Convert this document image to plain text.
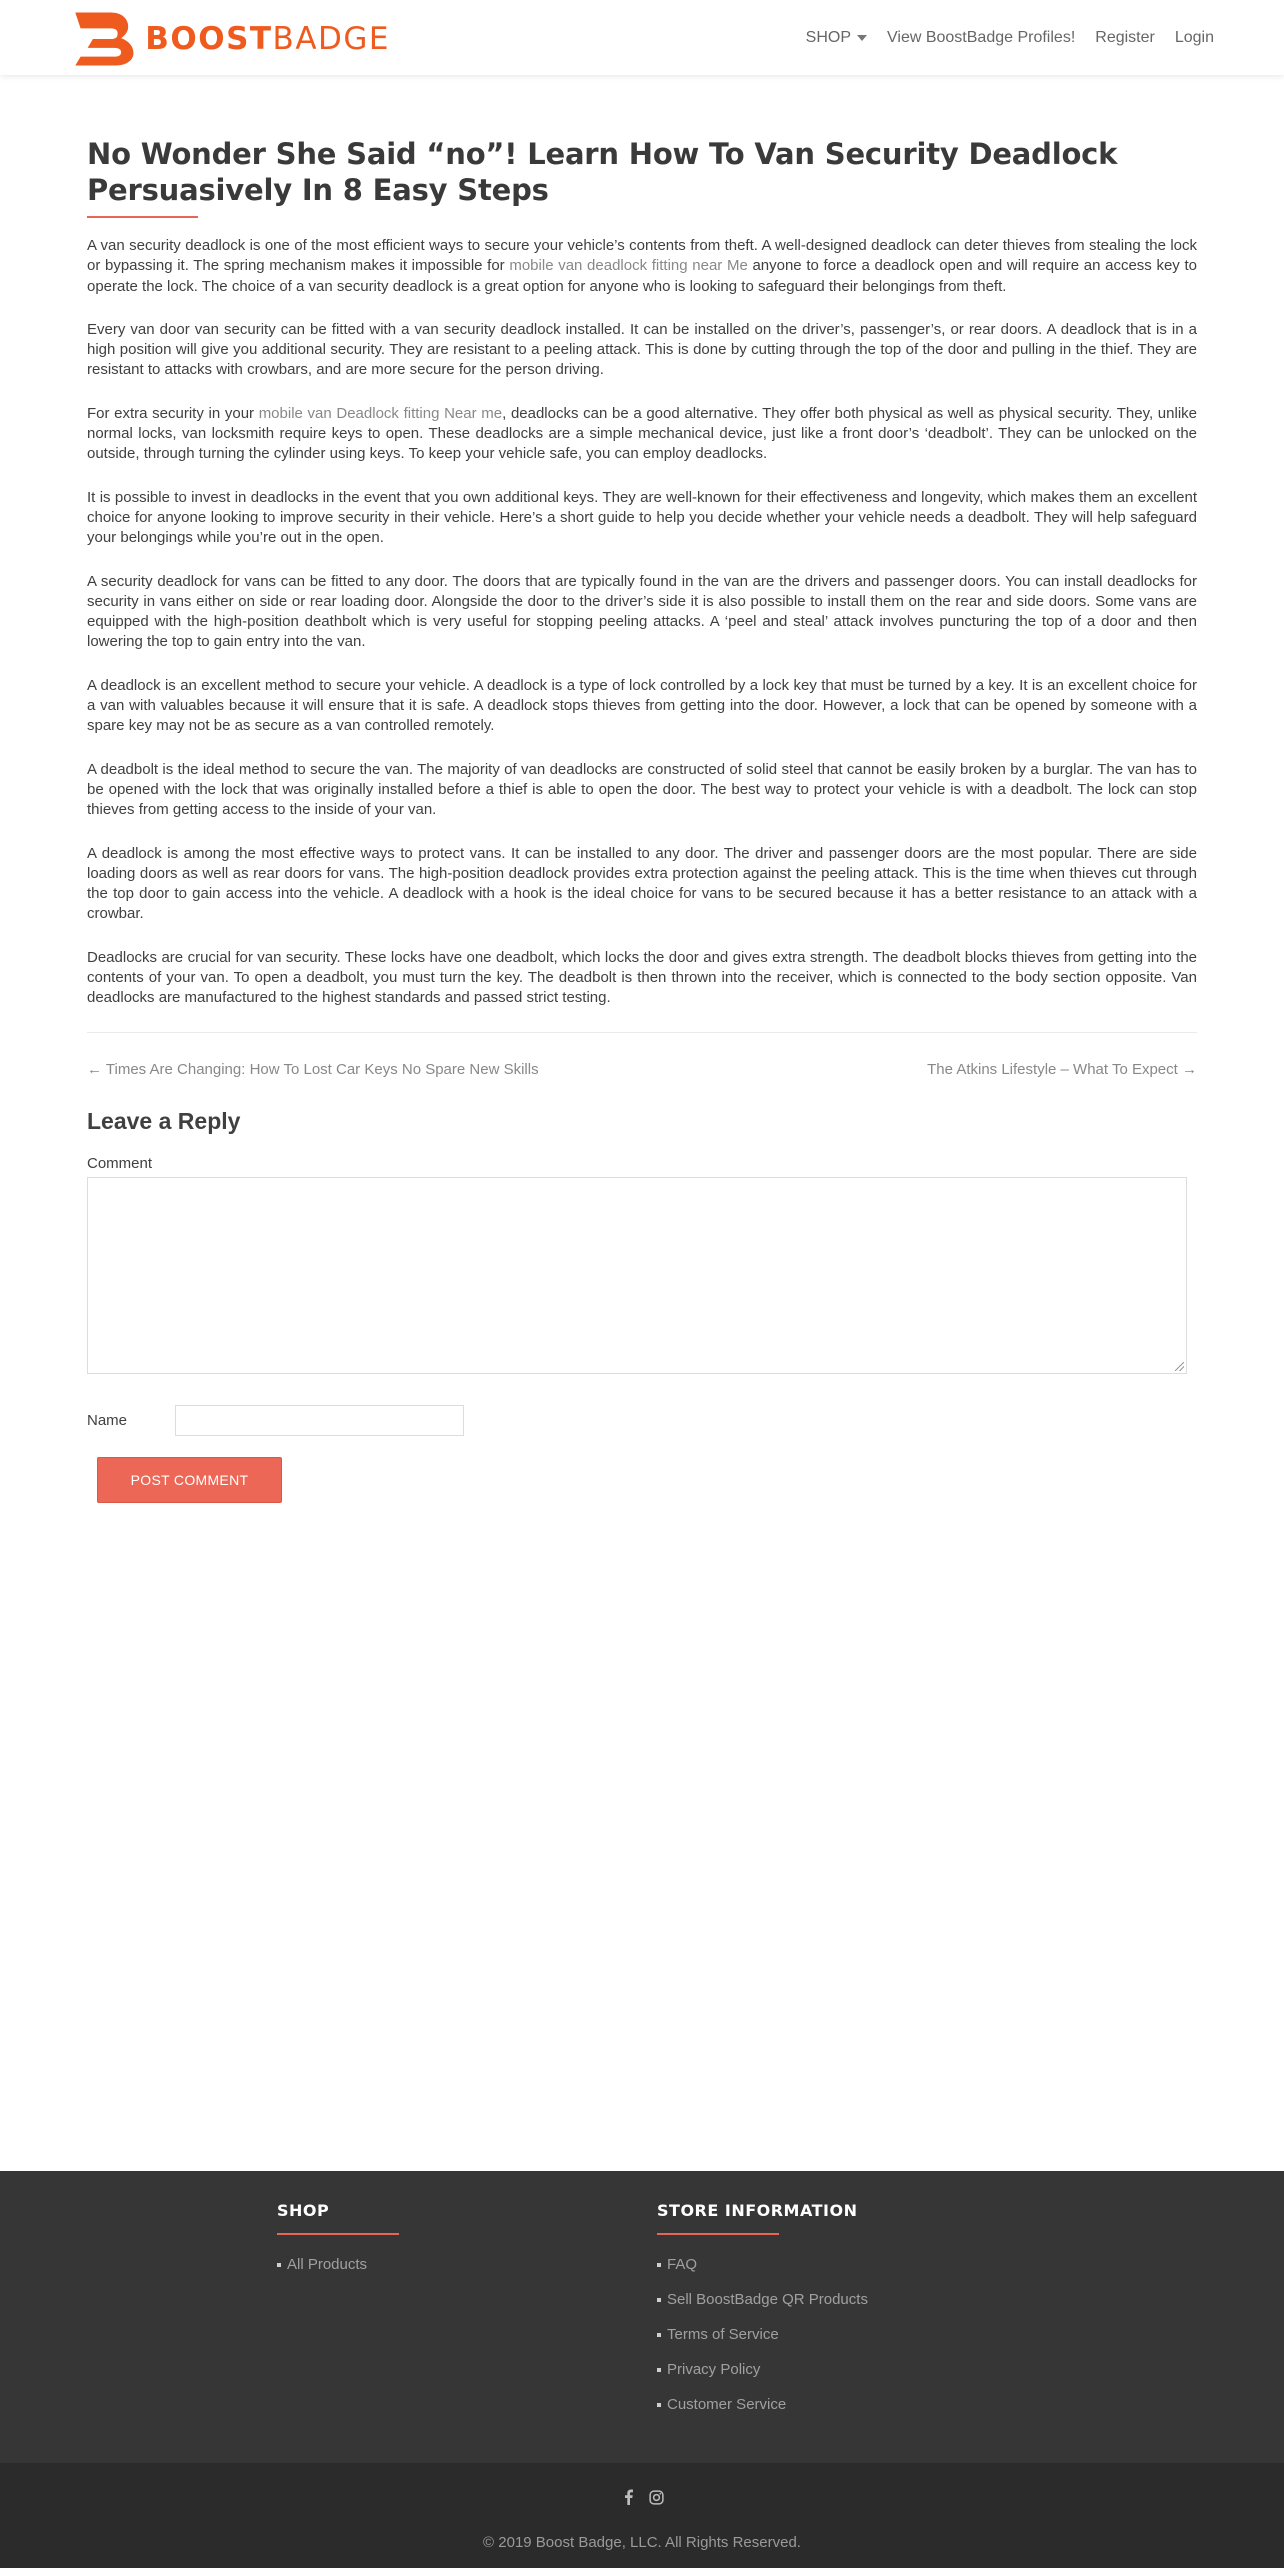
BOOSTBADGE	SHOP View BoostBadge Profiles! Register Login
No Wonder She Said “no”! Learn How To Van Security Deadlock Persuasively In 8 Easy Steps

A van security deadlock is one of the most efficient ways to secure your vehicle’s contents from theft. A well-designed deadlock can deter thieves from stealing the lock or bypassing it. The spring mechanism makes it impossible for mobile van deadlock fitting near Me anyone to force a deadlock open and will require an access key to operate the lock. The choice of a van security deadlock is a great option for anyone who is looking to safeguard their belongings from theft.

Every van door van security can be fitted with a van security deadlock installed. It can be installed on the driver’s, passenger’s, or rear doors. A deadlock that is in a high position will give you additional security. They are resistant to a peeling attack. This is done by cutting through the top of the door and pulling in the thief. They are resistant to attacks with crowbars, and are more secure for the person driving.

For extra security in your mobile van Deadlock fitting Near me, deadlocks can be a good alternative. They offer both physical as well as physical security. They, unlike normal locks, van locksmith require keys to open. These deadlocks are a simple mechanical device, just like a front door’s ‘deadbolt’. They can be unlocked on the outside, through turning the cylinder using keys. To keep your vehicle safe, you can employ deadlocks.

It is possible to invest in deadlocks in the event that you own additional keys. They are well-known for their effectiveness and longevity, which makes them an excellent choice for anyone looking to improve security in their vehicle. Here’s a short guide to help you decide whether your vehicle needs a deadbolt. They will help safeguard your belongings while you’re out in the open.

A security deadlock for vans can be fitted to any door. The doors that are typically found in the van are the drivers and passenger doors. You can install deadlocks for security in vans either on side or rear loading door. Alongside the door to the driver’s side it is also possible to install them on the rear and side doors. Some vans are equipped with the high-position deathbolt which is very useful for stopping peeling attacks. A ‘peel and steal’ attack involves puncturing the top of a door and then lowering the top to gain entry into the van.

A deadlock is an excellent method to secure your vehicle. A deadlock is a type of lock controlled by a lock key that must be turned by a key. It is an excellent choice for a van with valuables because it will ensure that it is safe. A deadlock stops thieves from getting into the door. However, a lock that can be opened by someone with a spare key may not be as secure as a van controlled remotely.

A deadbolt is the ideal method to secure the van. The majority of van deadlocks are constructed of solid steel that cannot be easily broken by a burglar. The van has to be opened with the lock that was originally installed before a thief is able to open the door. The best way to protect your vehicle is with a deadbolt. The lock can stop thieves from getting access to the inside of your van.

A deadlock is among the most effective ways to protect vans. It can be installed to any door. The driver and passenger doors are the most popular. There are side loading doors as well as rear doors for vans. The high-position deadlock provides extra protection against the peeling attack. This is the time when thieves cut through the top door to gain access into the vehicle. A deadlock with a hook is the ideal choice for vans to be secured because it has a better resistance to an attack with a crowbar.

Deadlocks are crucial for van security. These locks have one deadbolt, which locks the door and gives extra strength. The deadbolt blocks thieves from getting into the contents of your van. To open a deadbolt, you must turn the key. The deadbolt is then thrown into the receiver, which is connected to the body section opposite. Van deadlocks are manufactured to the highest standards and passed strict testing.

← Times Are Changing: How To Lost Car Keys No Spare New Skills	The Atkins Lifestyle – What To Expect →
Leave a Reply
Comment
Name
POST COMMENT
SHOP
All Products
STORE INFORMATION
FAQ
Sell BoostBadge QR Products
Terms of Service
Privacy Policy
Customer Service
© 2019 Boost Badge, LLC. All Rights Reserved.
